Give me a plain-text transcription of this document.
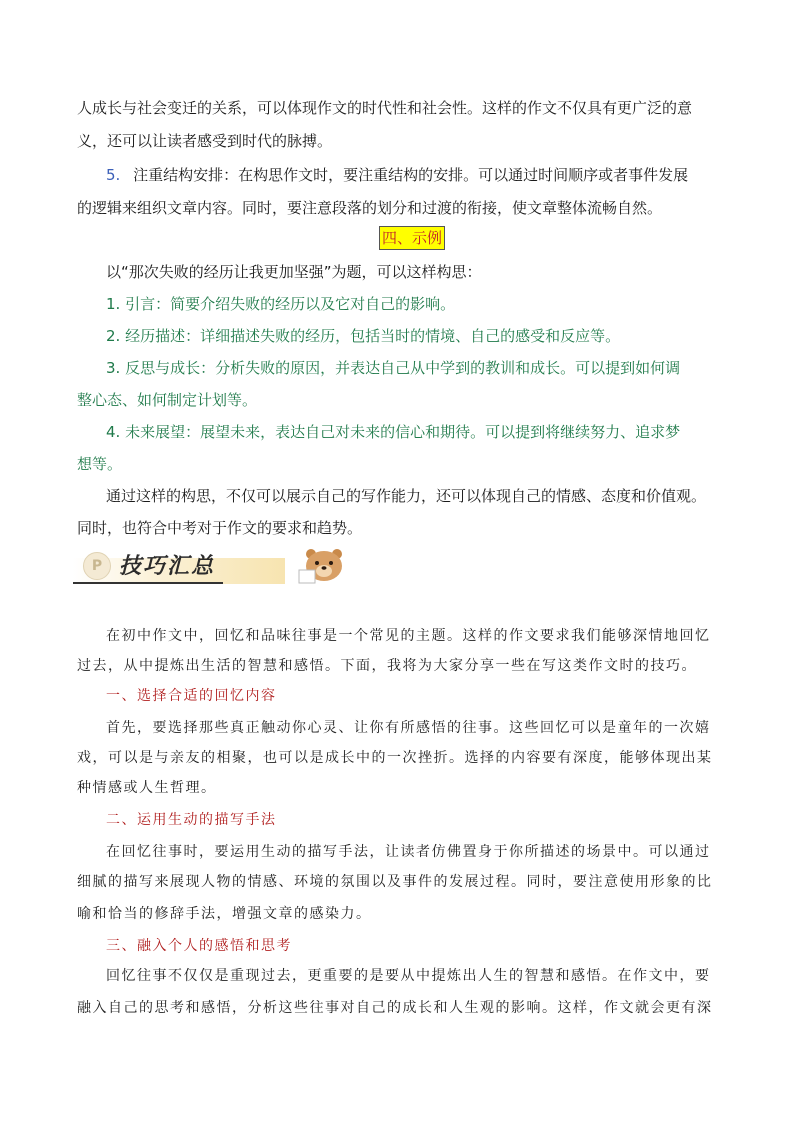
人成长与社会变迁的关系，可以体现作文的时代性和社会性。这样的作文不仅具有更广泛的意
义，还可以让读者感受到时代的脉搏。
5. 注重结构安排：在构思作文时，要注重结构的安排。可以通过时间顺序或者事件发展
的逻辑来组织文章内容。同时，要注意段落的划分和过渡的衔接，使文章整体流畅自然。
四、示例
以“那次失败的经历让我更加坚强”为题，可以这样构思：
1. 引言：简要介绍失败的经历以及它对自己的影响。
2. 经历描述：详细描述失败的经历，包括当时的情境、自己的感受和反应等。
3. 反思与成长：分析失败的原因，并表达自己从中学到的教训和成长。可以提到如何调
整心态、如何制定计划等。
4. 未来展望：展望未来，表达自己对未来的信心和期待。可以提到将继续努力、追求梦
想等。
通过这样的构思，不仅可以展示自己的写作能力，还可以体现自己的情感、态度和价值观。
同时，也符合中考对于作文的要求和趋势。
P 技巧汇总
在初中作文中，回忆和品味往事是一个常见的主题。这样的作文要求我们能够深情地回忆
过去，从中提炼出生活的智慧和感悟。下面，我将为大家分享一些在写这类作文时的技巧。
一、选择合适的回忆内容
首先，要选择那些真正触动你心灵、让你有所感悟的往事。这些回忆可以是童年的一次嬉
戏，可以是与亲友的相聚，也可以是成长中的一次挫折。选择的内容要有深度，能够体现出某
种情感或人生哲理。
二、运用生动的描写手法
在回忆往事时，要运用生动的描写手法，让读者仿佛置身于你所描述的场景中。可以通过
细腻的描写来展现人物的情感、环境的氛围以及事件的发展过程。同时，要注意使用形象的比
喻和恰当的修辞手法，增强文章的感染力。
三、融入个人的感悟和思考
回忆往事不仅仅是重现过去，更重要的是要从中提炼出人生的智慧和感悟。在作文中，要
融入自己的思考和感悟，分析这些往事对自己的成长和人生观的影响。这样，作文就会更有深
